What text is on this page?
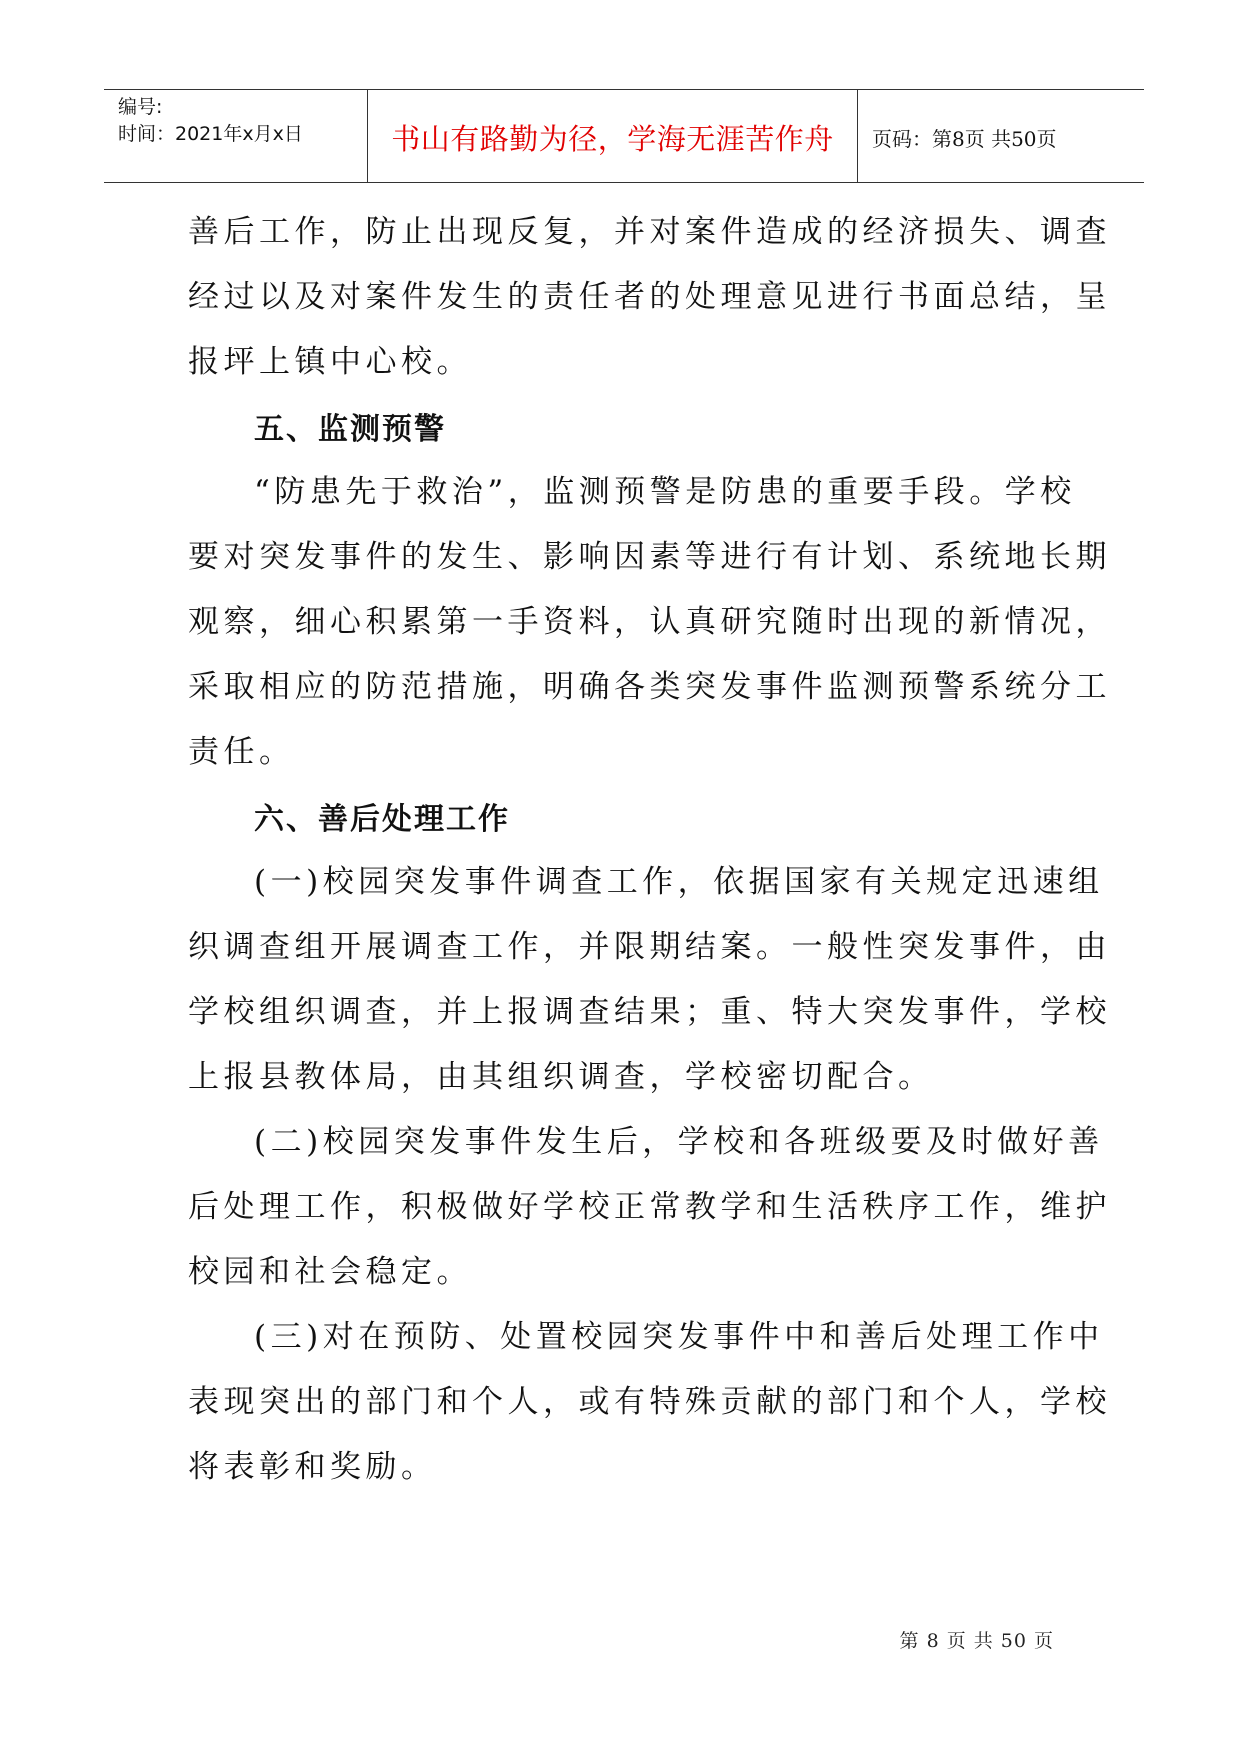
编号:
时间：2021年x月x日	书山有路勤为径，学海无涯苦作舟	页码：第8页 共50页
善后工作，防止出现反复，并对案件造成的经济损失、调查
经过以及对案件发生的责任者的处理意见进行书面总结，呈
报坪上镇中心校。
五、监测预警
“防患先于救治”，监测预警是防患的重要手段。学校
要对突发事件的发生、影响因素等进行有计划、系统地长期
观察，细心积累第一手资料，认真研究随时出现的新情况，
采取相应的防范措施，明确各类突发事件监测预警系统分工
责任。
六、善后处理工作
(一)校园突发事件调查工作，依据国家有关规定迅速组
织调查组开展调查工作，并限期结案。一般性突发事件，由
学校组织调查，并上报调查结果；重、特大突发事件，学校
上报县教体局，由其组织调查，学校密切配合。
(二)校园突发事件发生后，学校和各班级要及时做好善
后处理工作，积极做好学校正常教学和生活秩序工作，维护
校园和社会稳定。
(三)对在预防、处置校园突发事件中和善后处理工作中
表现突出的部门和个人，或有特殊贡献的部门和个人，学校
将表彰和奖励。
第 8 页 共 50 页
